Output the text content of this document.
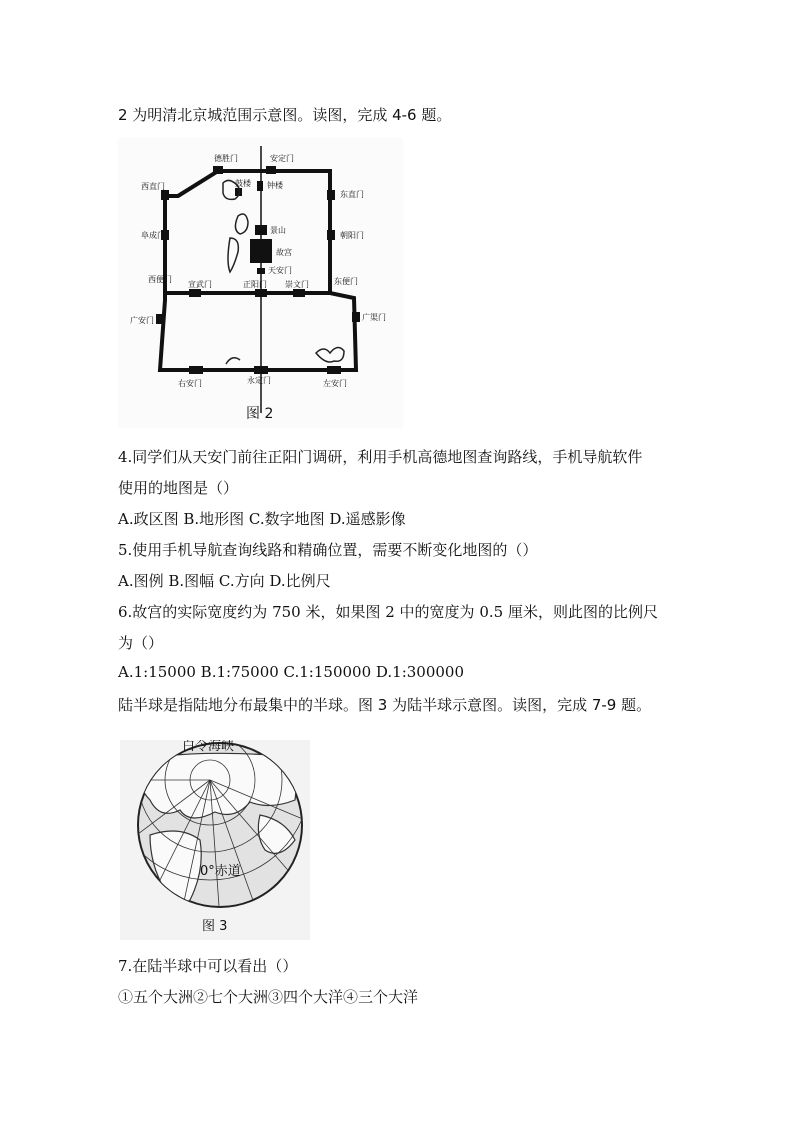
2 为明清北京城范围示意图。读图，完成 4-6 题。
德胜门	安定门
西直门
东直门
阜成门	朝阳门
西便门	东便门
宣武门	正阳门 崇文门
广安门	广渠门
右安门	永定门	左安门
钟楼
鼓楼
景山
故宫
天安门
图 2
4.同学们从天安门前往正阳门调研，利用手机高德地图查询路线，手机导航软件
使用的地图是（）
A.政区图 B.地形图 C.数字地图 D.遥感影像
5.使用手机导航查询线路和精确位置，需要不断变化地图的（）
A.图例 B.图幅 C.方向 D.比例尺
6.故宫的实际宽度约为 750 米，如果图 2 中的宽度为 0.5 厘米，则此图的比例尺
为（）
A.1:15000 B.1:75000 C.1:150000 D.1:300000
陆半球是指陆地分布最集中的半球。图 3 为陆半球示意图。读图，完成 7-9 题。
白令海峡
0°赤道
图 3
7.在陆半球中可以看出（）
①五个大洲②七个大洲③四个大洋④三个大洋
